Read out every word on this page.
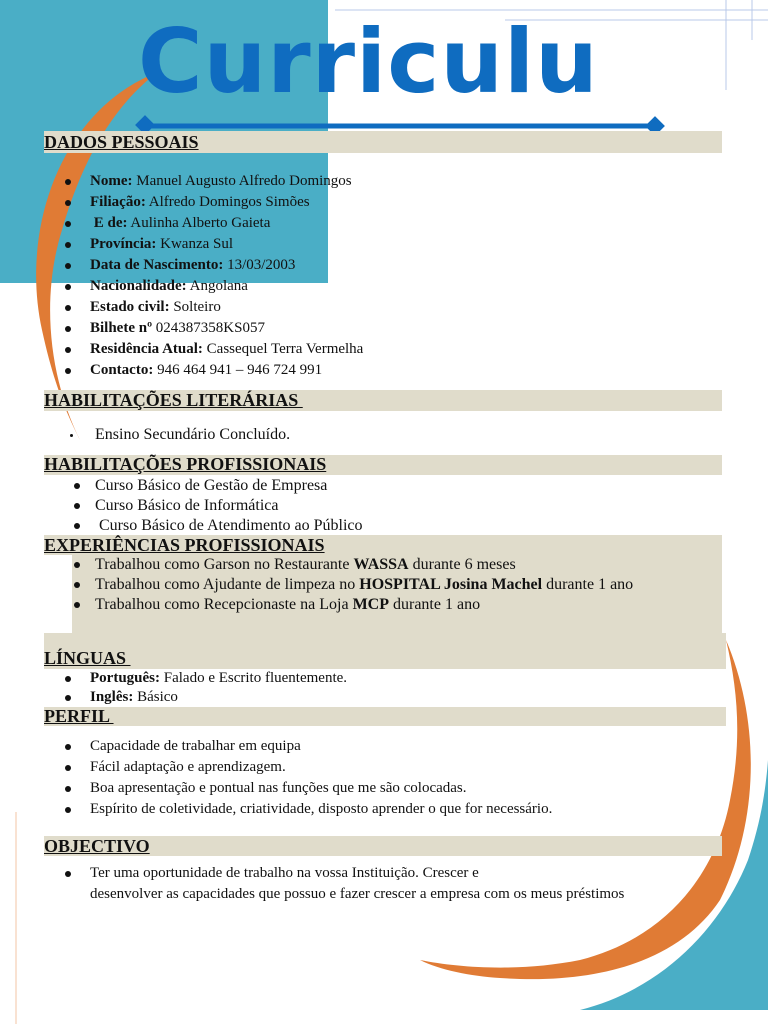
Curriculu
DADOS PESSOAIS
Nome: Manuel Augusto Alfredo Domingos
Filiação: Alfredo Domingos Simões
E de: Aulinha Alberto Gaieta
Província: Kwanza Sul
Data de Nascimento: 13/03/2003
Nacionalidade: Angolana
Estado civil: Solteiro
Bilhete nº 024387358KS057
Residência Atual: Cassequel Terra Vermelha
Contacto: 946 464 941 – 946 724 991
HABILITAÇÕES LITERÁRIAS
Ensino Secundário Concluído.
HABILITAÇÕES PROFISSIONAIS
Curso Básico de Gestão de Empresa
Curso Básico de Informática
Curso Básico de Atendimento ao Público
EXPERIÊNCIAS PROFISSIONAIS
Trabalhou como Garson no Restaurante WASSA durante 6 meses
Trabalhou como Ajudante de limpeza no HOSPITAL Josina Machel durante 1 ano
Trabalhou como Recepcionaste na Loja MCP durante 1 ano
LÍNGUAS
Português: Falado e Escrito fluentemente.
Inglês: Básico
PERFIL
Capacidade de trabalhar em equipa
Fácil adaptação e aprendizagem.
Boa apresentação e pontual nas funções que me são colocadas.
Espírito de coletividade, criatividade, disposto aprender o que for necessário.
OBJECTIVO
Ter uma oportunidade de trabalho na vossa Instituição. Crescer e
desenvolver as capacidades que possuo e fazer crescer a empresa com os meus préstimos
